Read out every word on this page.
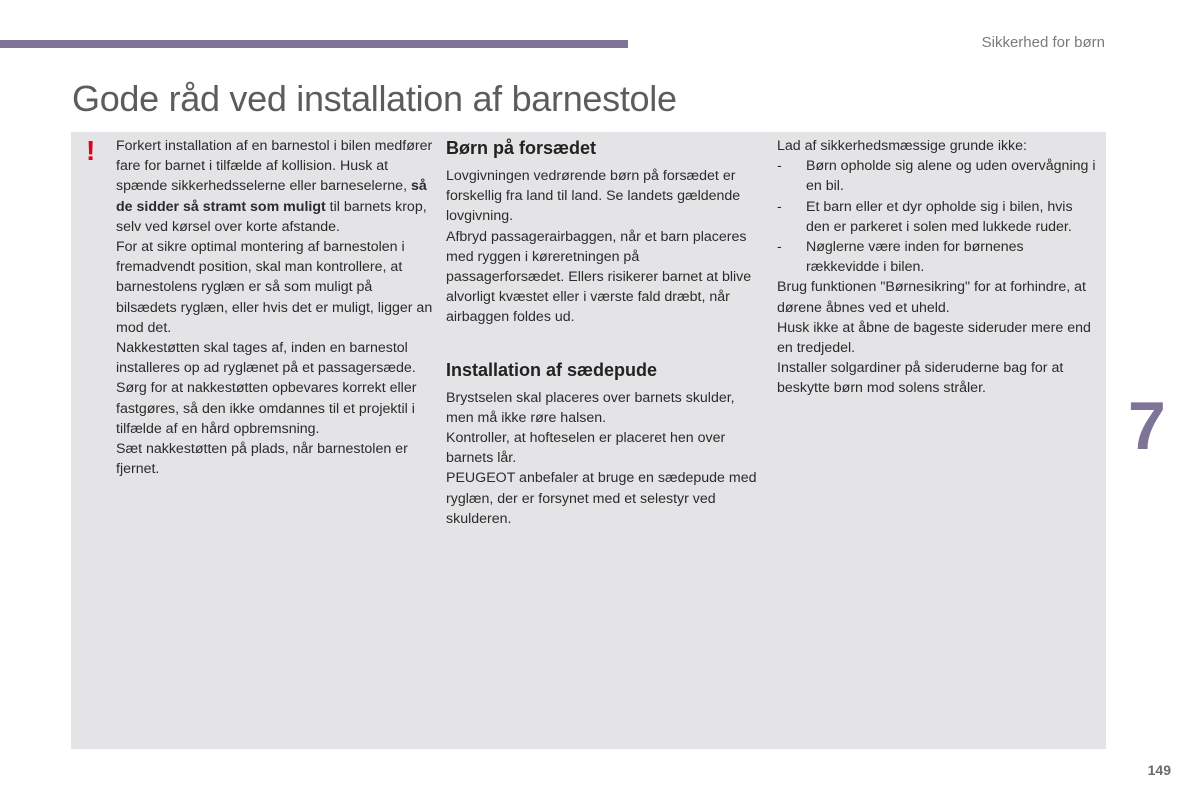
Sikkerhed for børn
Gode råd ved installation af barnestole
! Forkert installation af en barnestol i bilen medfører fare for barnet i tilfælde af kollision. Husk at spænde sikkerhedsselerne eller barneselerne, så de sidder så stramt som muligt til barnets krop, selv ved kørsel over korte afstande.

For at sikre optimal montering af barnestolen i fremadvendt position, skal man kontrollere, at barnestolens ryglæn er så som muligt på bilsædets ryglæn, eller hvis det er muligt, ligger an mod det.

Nakkestøtten skal tages af, inden en barnestol installeres op ad ryglænet på et passagersæde.

Sørg for at nakkestøtten opbevares korrekt eller fastgøres, så den ikke omdannes til et projektil i tilfælde af en hård opbremsning.

Sæt nakkestøtten på plads, når barnestolen er fjernet.

Børn på forsædet

Lovgivningen vedrørende børn på forsædet er forskellig fra land til land. Se landets gældende lovgivning.

Afbryd passagerairbaggen, når et barn placeres med ryggen i køreretningen på passagerforsædet. Ellers risikerer barnet at blive alvorligt kvæstet eller i værste fald dræbt, når airbaggen foldes ud.

Installation af sædepude

Brystselen skal placeres over barnets skulder, men må ikke røre halsen.

Kontroller, at hofteselen er placeret hen over barnets lår.

PEUGEOT anbefaler at bruge en sædepude med ryglæn, der er forsynet med et selestyr ved skulderen.

Lad af sikkerhedsmæssige grunde ikke:

- Børn opholde sig alene og uden overvågning i en bil.
- Et barn eller et dyr opholde sig i bilen, hvis den er parkeret i solen med lukkede ruder.
- Nøglerne være inden for børnenes rækkevidde i bilen.

Brug funktionen "Børnesikring" for at forhindre, at dørene åbnes ved et uheld.

Husk ikke at åbne de bageste sideruder mere end en tredjedel.

Installer solgardiner på sideruderne bag for at beskytte børn mod solens stråler.	7
149
